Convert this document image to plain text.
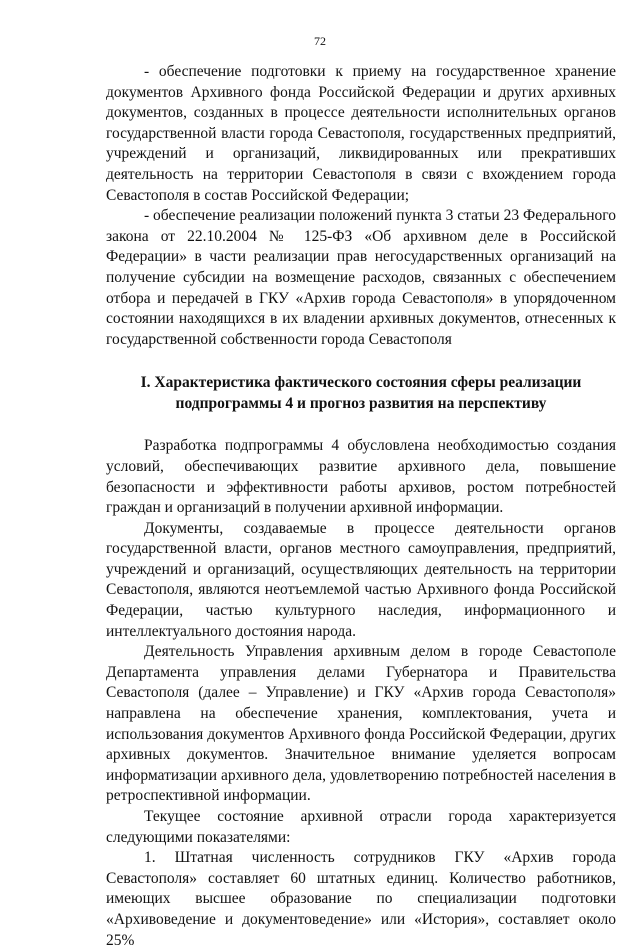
72

- обеспечение подготовки к приему на государственное хранение документов Архивного фонда Российской Федерации и других архивных документов, созданных в процессе деятельности исполнительных органов государственной власти города Севастополя, государственных предприятий, учреждений и организаций, ликвидированных или прекративших деятельность на территории Севастополя в связи с вхождением города Севастополя в состав Российской Федерации;

- обеспечение реализации положений пункта 3 статьи 23 Федерального закона от 22.10.2004 № 125-ФЗ «Об архивном деле в Российской Федерации» в части реализации прав негосударственных организаций на получение субсидии на возмещение расходов, связанных с обеспечением отбора и передачей в ГКУ «Архив города Севастополя» в упорядоченном состоянии находящихся в их владении архивных документов, отнесенных к государственной собственности города Севастополя

I. Характеристика фактического состояния сферы реализации
подпрограммы 4 и прогноз развития на перспективу

Разработка подпрограммы 4 обусловлена необходимостью создания условий, обеспечивающих развитие архивного дела, повышение безопасности и эффективности работы архивов, ростом потребностей граждан и организаций в получении архивной информации.

Документы, создаваемые в процессе деятельности органов государственной власти, органов местного самоуправления, предприятий, учреждений и организаций, осуществляющих деятельность на территории Севастополя, являются неотъемлемой частью Архивного фонда Российской Федерации, частью культурного наследия, информационного и интеллектуального достояния народа.

Деятельность Управления архивным делом в городе Севастополе Департамента управления делами Губернатора и Правительства Севастополя (далее – Управление) и ГКУ «Архив города Севастополя» направлена на обеспечение хранения, комплектования, учета и использования документов Архивного фонда Российской Федерации, других архивных документов. Значительное внимание уделяется вопросам информатизации архивного дела, удовлетворению потребностей населения в ретроспективной информации.

Текущее состояние архивной отрасли города характеризуется следующими показателями:

1. Штатная численность сотрудников ГКУ «Архив города Севастополя» составляет 60 штатных единиц. Количество работников, имеющих высшее образование по специализации подготовки «Архивоведение и документоведение» или «История», составляет около 25%
